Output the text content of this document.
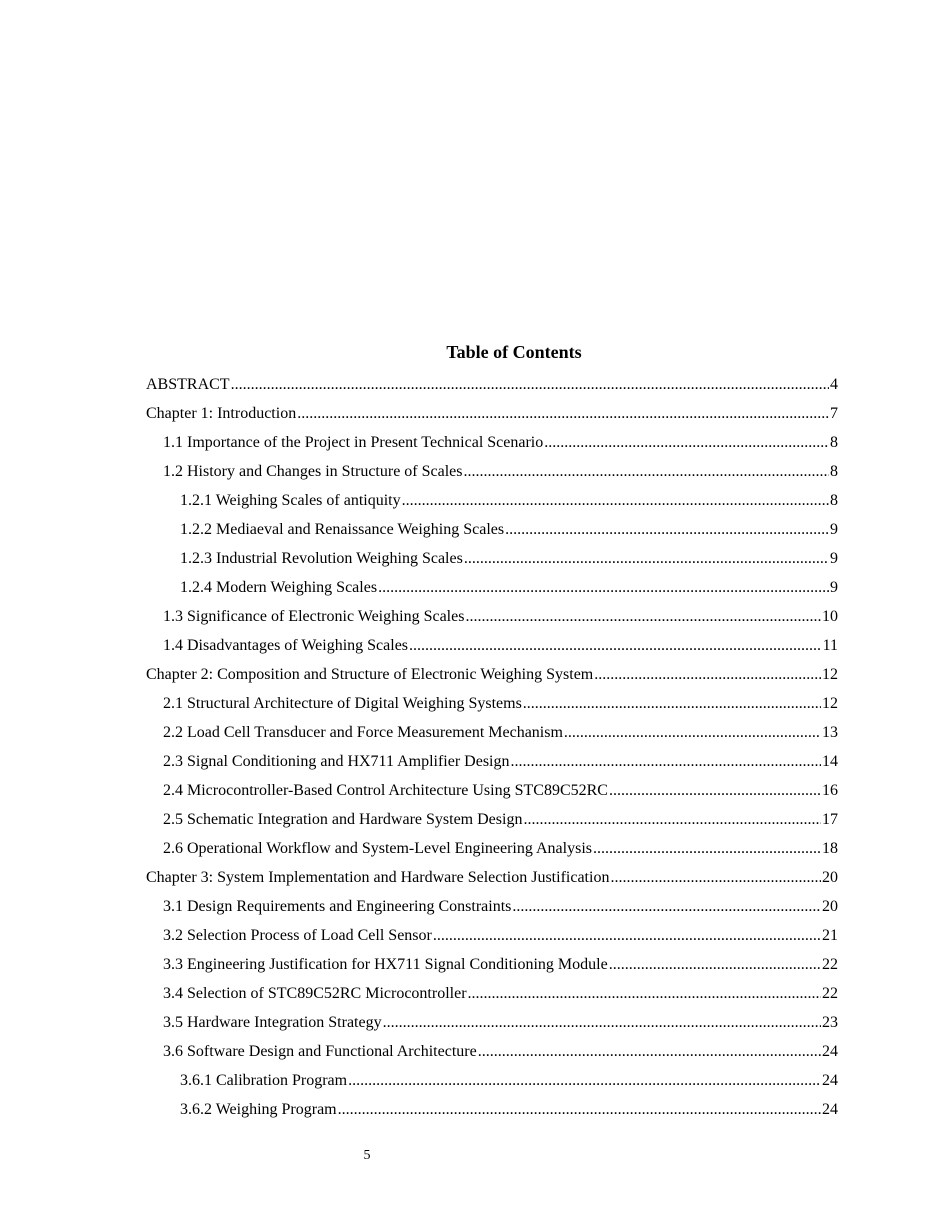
Table of Contents
ABSTRACT .....	4
Chapter 1: Introduction .....	7
1.1 Importance of the Project in Present Technical Scenario .....	8
1.2 History and Changes in Structure of Scales .....	8
1.2.1 Weighing Scales of antiquity .....	8
1.2.2 Mediaeval and Renaissance Weighing Scales .....	9
1.2.3 Industrial Revolution Weighing Scales .....	9
1.2.4 Modern Weighing Scales .....	9
1.3 Significance of Electronic Weighing Scales .....	10
1.4 Disadvantages of Weighing Scales .....	11
Chapter 2: Composition and Structure of Electronic Weighing System .....	12
2.1 Structural Architecture of Digital Weighing Systems .....	12
2.2 Load Cell Transducer and Force Measurement Mechanism .....	13
2.3 Signal Conditioning and HX711 Amplifier Design .....	14
2.4 Microcontroller-Based Control Architecture Using STC89C52RC .....	16
2.5 Schematic Integration and Hardware System Design .....	17
2.6 Operational Workflow and System-Level Engineering Analysis .....	18
Chapter 3: System Implementation and Hardware Selection Justification .....	20
3.1 Design Requirements and Engineering Constraints .....	20
3.2 Selection Process of Load Cell Sensor .....	21
3.3 Engineering Justification for HX711 Signal Conditioning Module .....	22
3.4 Selection of STC89C52RC Microcontroller .....	22
3.5 Hardware Integration Strategy .....	23
3.6 Software Design and Functional Architecture .....	24
3.6.1 Calibration Program .....	24
3.6.2 Weighing Program .....	24
5
